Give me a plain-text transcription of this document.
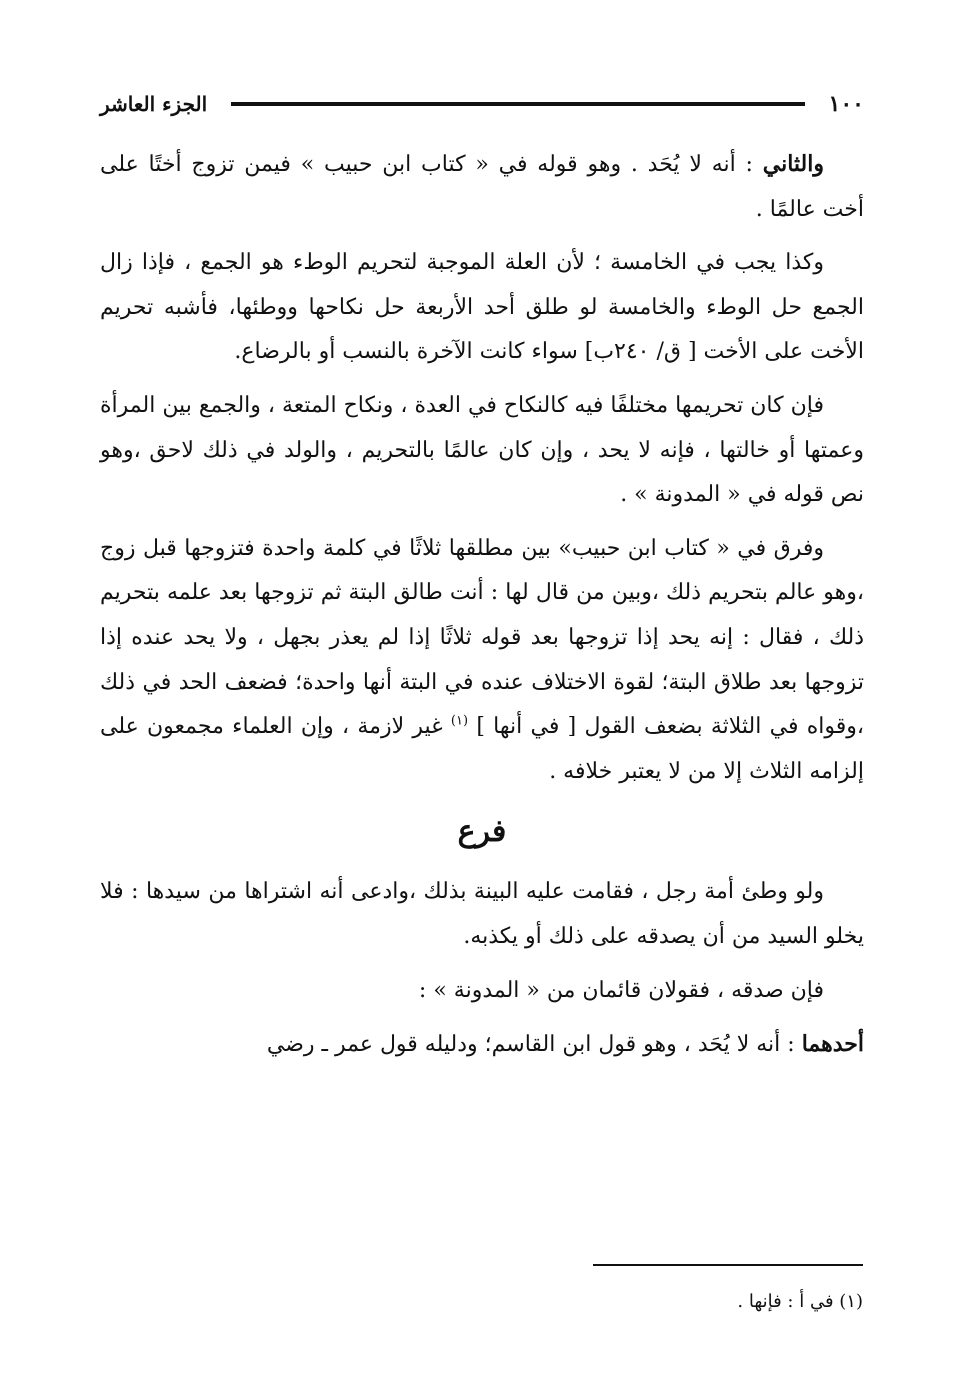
١٠٠
الجزء العاشر

والثاني : أنه لا يُحَد . وهو قوله في « كتاب ابن حبيب » فيمن تزوج أختًا على أخت عالمًا .

وكذا يجب في الخامسة ؛ لأن العلة الموجبة لتحريم الوطء هو الجمع ، فإذا زال الجمع حل الوطء والخامسة لو طلق أحد الأربعة حل نكاحها ووطئها، فأشبه تحريم الأخت على الأخت [ ق/ ٢٤٠ب] سواء كانت الآخرة بالنسب أو بالرضاع.

فإن كان تحريمها مختلفًا فيه كالنكاح في العدة ، ونكاح المتعة ، والجمع بين المرأة وعمتها أو خالتها ، فإنه لا يحد ، وإن كان عالمًا بالتحريم ، والولد في ذلك لاحق ،وهو نص قوله في « المدونة » .

وفرق في « كتاب ابن حبيب» بين مطلقها ثلاثًا في كلمة واحدة فتزوجها قبل زوج ،وهو عالم بتحريم ذلك ،وبين من قال لها : أنت طالق البتة ثم تزوجها بعد علمه بتحريم ذلك ، فقال : إنه يحد إذا تزوجها بعد قوله ثلاثًا إذا لم يعذر بجهل ، ولا يحد عنده إذا تزوجها بعد طلاق البتة؛ لقوة الاختلاف عنده في البتة أنها واحدة؛ فضعف الحد في ذلك ،وقواه في الثلاثة بضعف القول [ في أنها ] $^{(١)}$ غير لازمة ، وإن العلماء مجمعون على إلزامه الثلاث إلا من لا يعتبر خلافه .

فرع

ولو وطئ أمة رجل ، فقامت عليه البينة بذلك ،وادعى أنه اشتراها من سيدها : فلا يخلو السيد من أن يصدقه على ذلك أو يكذبه.

فإن صدقه ، فقولان قائمان من « المدونة » :

أحدهما : أنه لا يُحَد ، وهو قول ابن القاسم؛ ودليله قول عمر ـ رضي

(١) في أ : فإنها .
